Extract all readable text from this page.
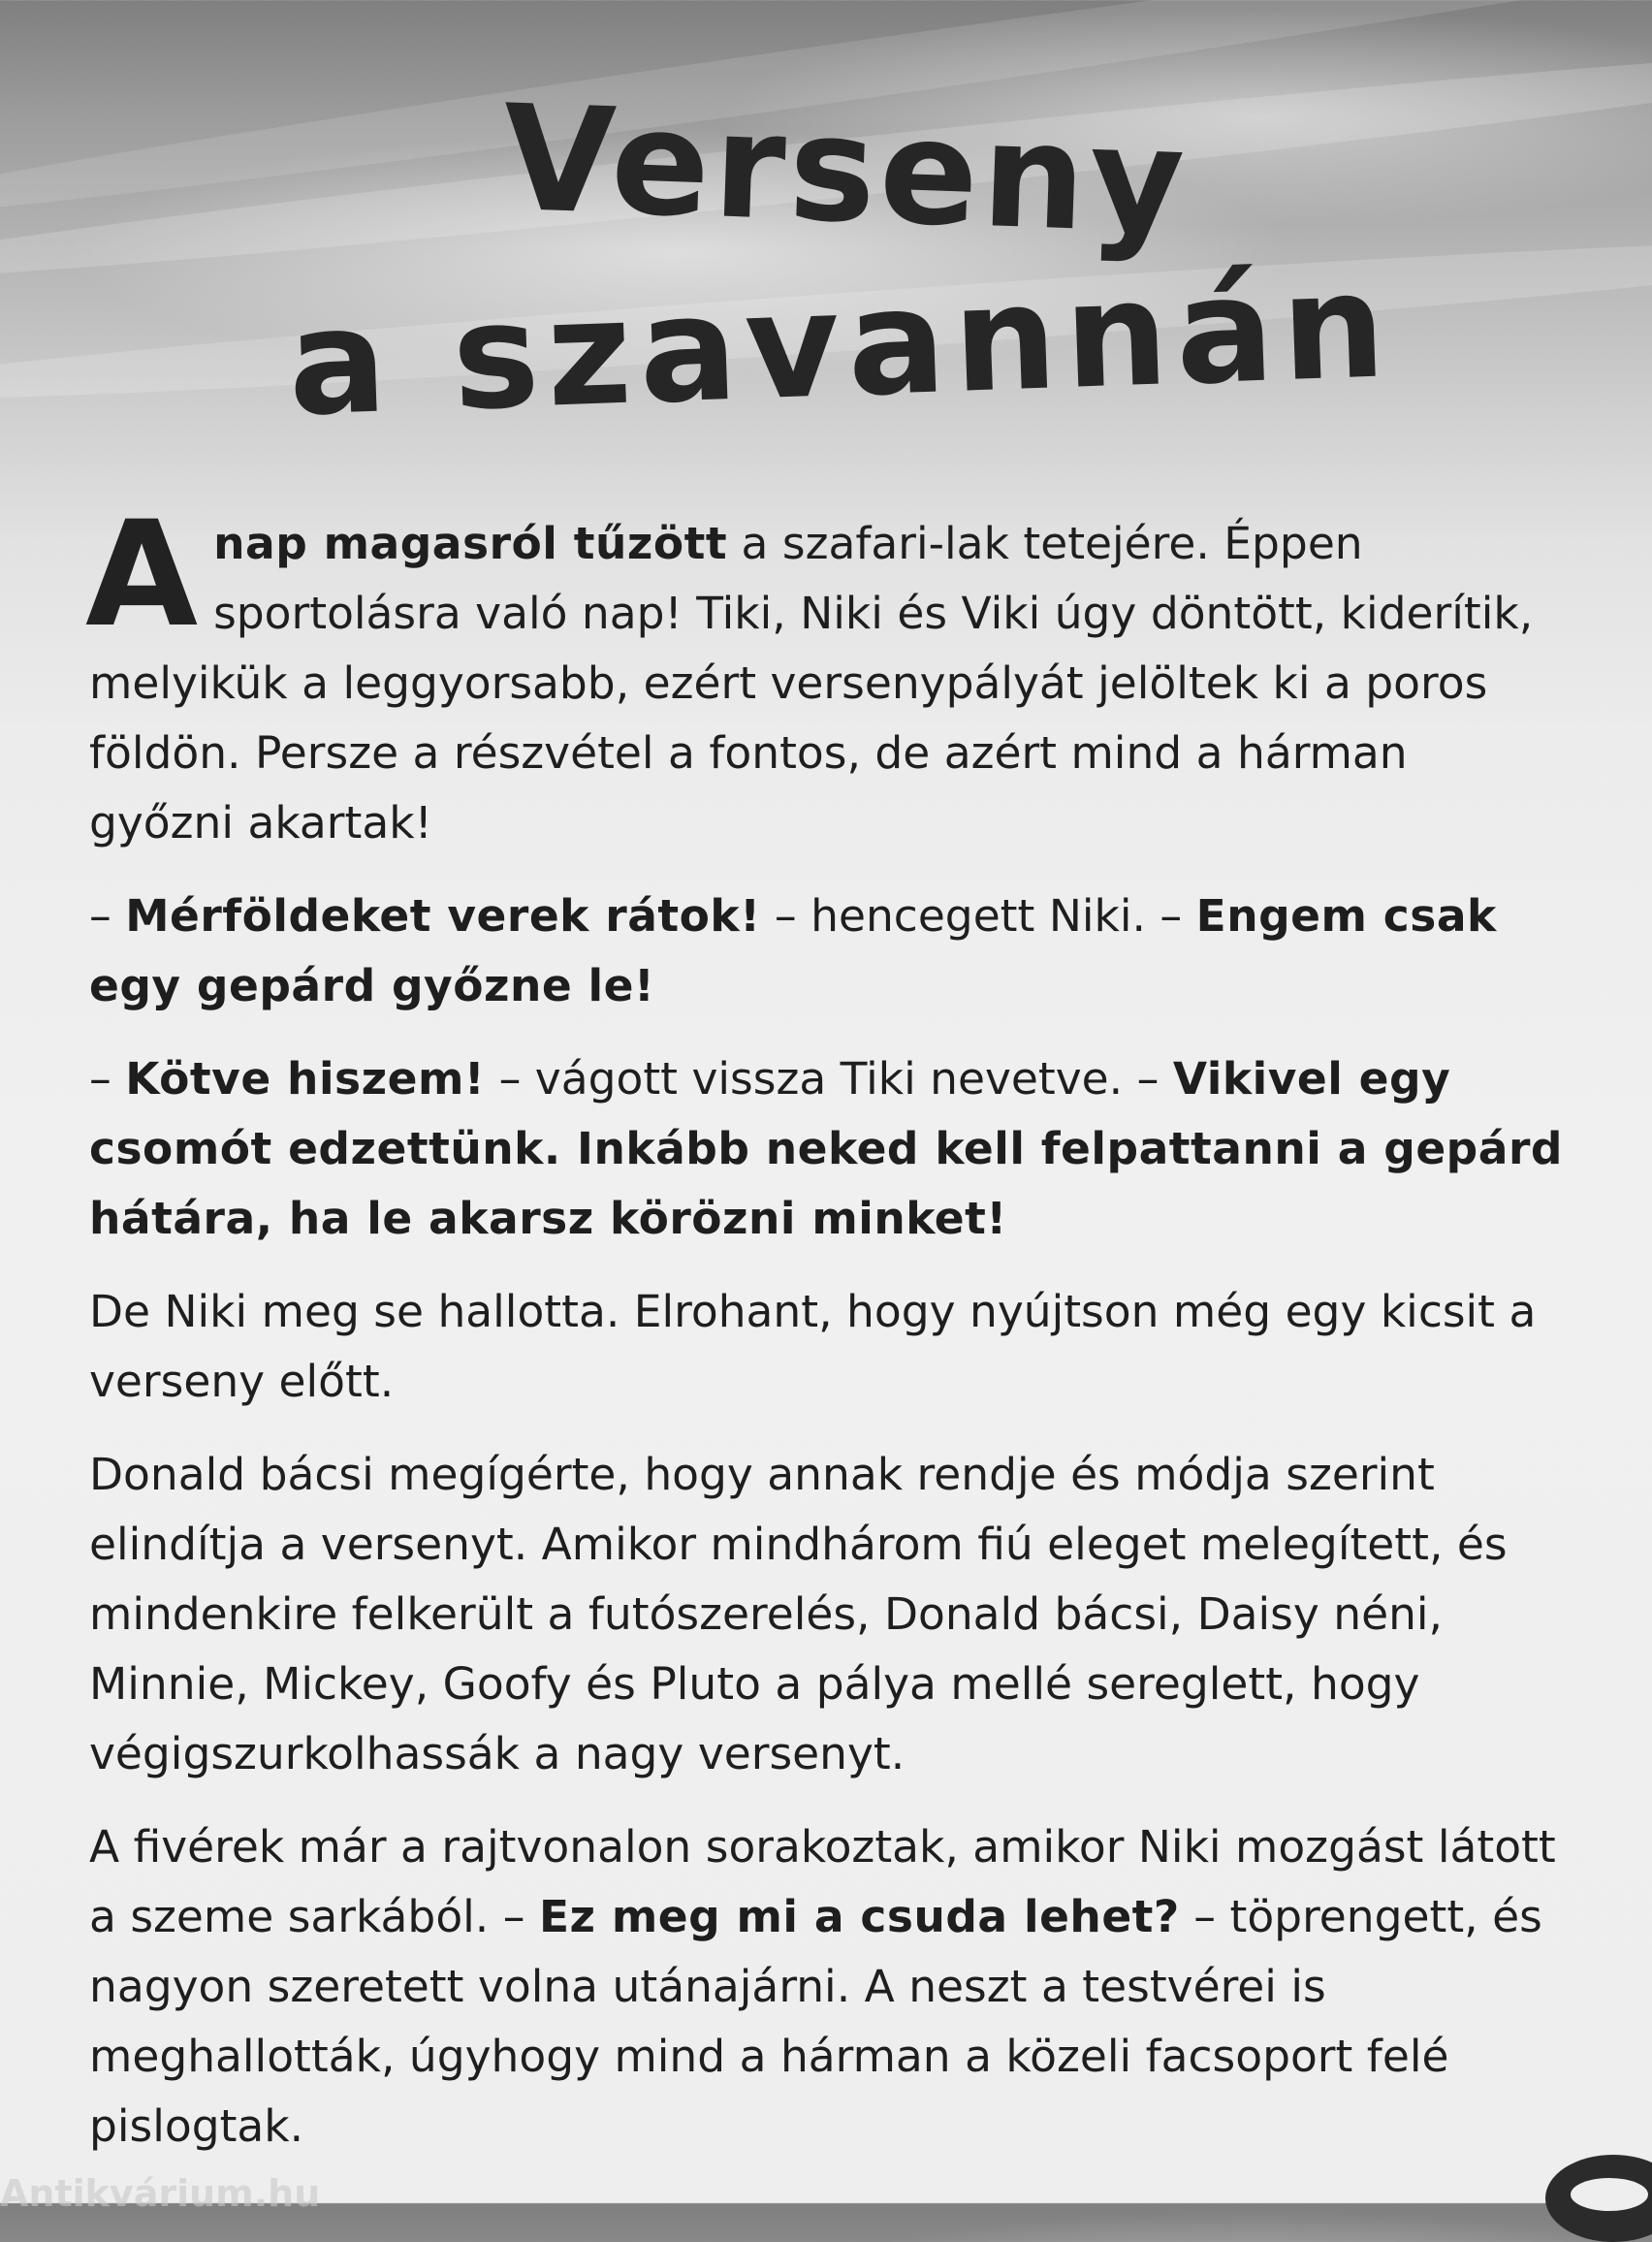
Verseny
a szavannán

Anap magasról tűzött a szafari-lak tetejére. Éppen sportolásra való nap! Tiki, Niki és Viki úgy döntött, kiderítik, melyikük a leggyorsabb, ezért versenypályát jelöltek ki a poros földön. Persze a részvétel a fontos, de azért mind a hárman győzni akartak!

– Mérföldeket verek rátok! – hencegett Niki. – Engem csak egy gepárd győzne le!

– Kötve hiszem! – vágott vissza Tiki nevetve. – Vikivel egy csomót edzettünk. Inkább neked kell felpattanni a gepárd hátára, ha le akarsz körözni minket!

De Niki meg se hallotta. Elrohant, hogy nyújtson még egy kicsit a verseny előtt.

Donald bácsi megígérte, hogy annak rendje és módja szerint elindítja a versenyt. Amikor mindhárom fiú eleget melegített, és mindenkire felkerült a futószerelés, Donald bácsi, Daisy néni, Minnie, Mickey, Goofy és Pluto a pálya mellé sereglett, hogy végigszurkolhassák a nagy versenyt.

A fivérek már a rajtvonalon sorakoztak, amikor Niki mozgást látott a szeme sarkából. – Ez meg mi a csuda lehet? – töprengett, és nagyon szeretett volna utánajárni. A neszt a testvérei is meghallották, úgyhogy mind a hárman a közeli facsoport felé pislogtak.

Antikvárium.hu
